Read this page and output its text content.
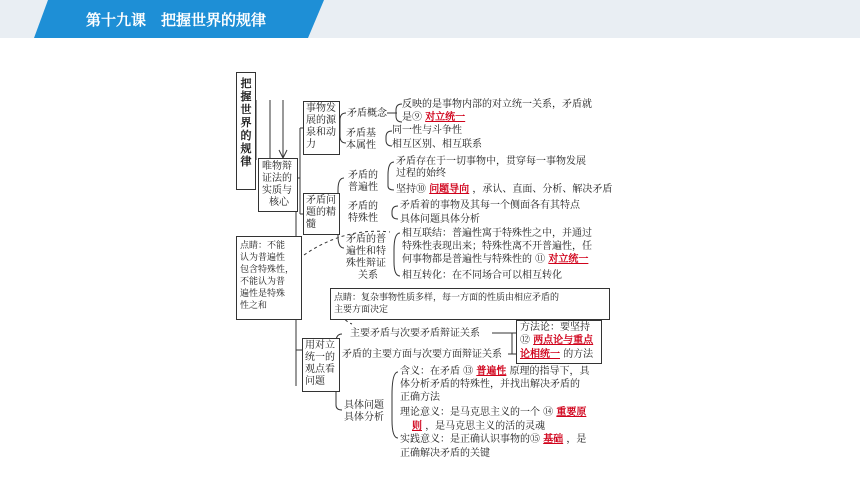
第十九课　把握世界的规律
把
握
世
界
的
规
律 唯物辩
证法的
实质与
核心
事物发
展的源
泉和动
力
矛盾概念
反映的是事物内部的对立统一关系，矛盾就
是⑨ 对立统一
矛盾基
本属性
同一性与斗争性
相互区别、相互联系
矛盾问
题的精
髓
矛盾的
普遍性
矛盾存在于一切事物中，贯穿每一事物发展
过程的始终
坚持⑩ 问题导向 ，承认、直面、分析、解决矛盾
矛盾的
特殊性
矛盾着的事物及其每一个侧面各有其特点
具体问题具体分析
矛盾的普
遍性和特
殊性辩证
关系
相互联结：普遍性寓于特殊性之中，并通过
特殊性表现出来；特殊性离不开普遍性，任
何事物都是普遍性与特殊性的 ⑪ 对立统一
相互转化：在不同场合可以相互转化
点睛：不能
认为普遍性
包含特殊性，
不能认为普
遍性是特殊
性之和
点睛：复杂事物性质多样，每一方面的性质由相应矛盾的
主要方面决定
用对立
统一的
观点看
问题
主要矛盾与次要矛盾辩证关系
矛盾的主要方面与次要方面辩证关系
方法论：要坚持
⑫ 两点论与重点
论相统一 的方法
具体问题
具体分析
含义：在矛盾 ⑬ 普遍性 原理的指导下，具
体分析矛盾的特殊性，并找出解决矛盾的
正确方法
理论意义：是马克思主义的一个 ⑭ 重要原
则 ，是马克思主义的活的灵魂
实践意义：是正确认识事物的⑮ 基础 ，是
正确解决矛盾的关键
